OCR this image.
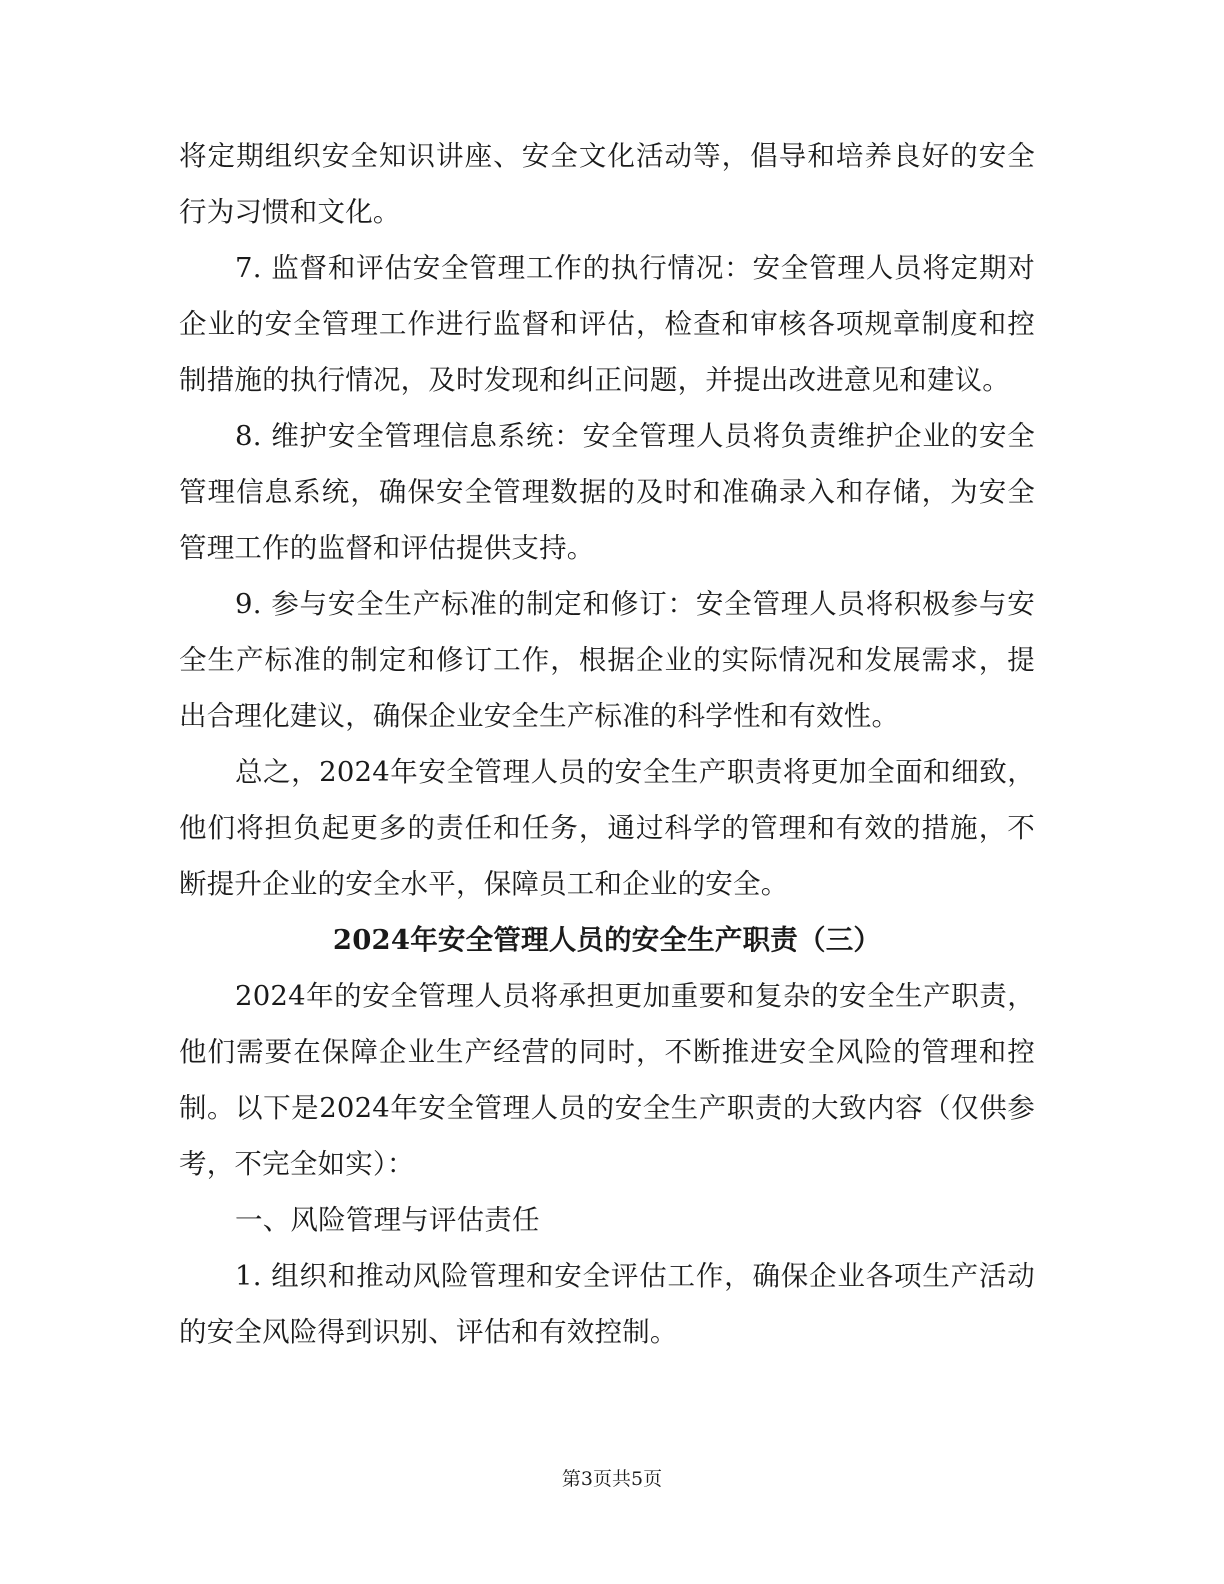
将定期组织安全知识讲座、安全文化活动等，倡导和培养良好的安全行为习惯和文化。

7. 监督和评估安全管理工作的执行情况：安全管理人员将定期对企业的安全管理工作进行监督和评估，检查和审核各项规章制度和控制措施的执行情况，及时发现和纠正问题，并提出改进意见和建议。

8. 维护安全管理信息系统：安全管理人员将负责维护企业的安全管理信息系统，确保安全管理数据的及时和准确录入和存储，为安全管理工作的监督和评估提供支持。

9. 参与安全生产标准的制定和修订：安全管理人员将积极参与安全生产标准的制定和修订工作，根据企业的实际情况和发展需求，提出合理化建议，确保企业安全生产标准的科学性和有效性。

总之，2024年安全管理人员的安全生产职责将更加全面和细致，他们将担负起更多的责任和任务，通过科学的管理和有效的措施，不断提升企业的安全水平，保障员工和企业的安全。

2024年安全管理人员的安全生产职责（三）

2024年的安全管理人员将承担更加重要和复杂的安全生产职责，他们需要在保障企业生产经营的同时，不断推进安全风险的管理和控制。以下是2024年安全管理人员的安全生产职责的大致内容（仅供参考，不完全如实）：

一、风险管理与评估责任

1. 组织和推动风险管理和安全评估工作，确保企业各项生产活动的安全风险得到识别、评估和有效控制。

第3页共5页
